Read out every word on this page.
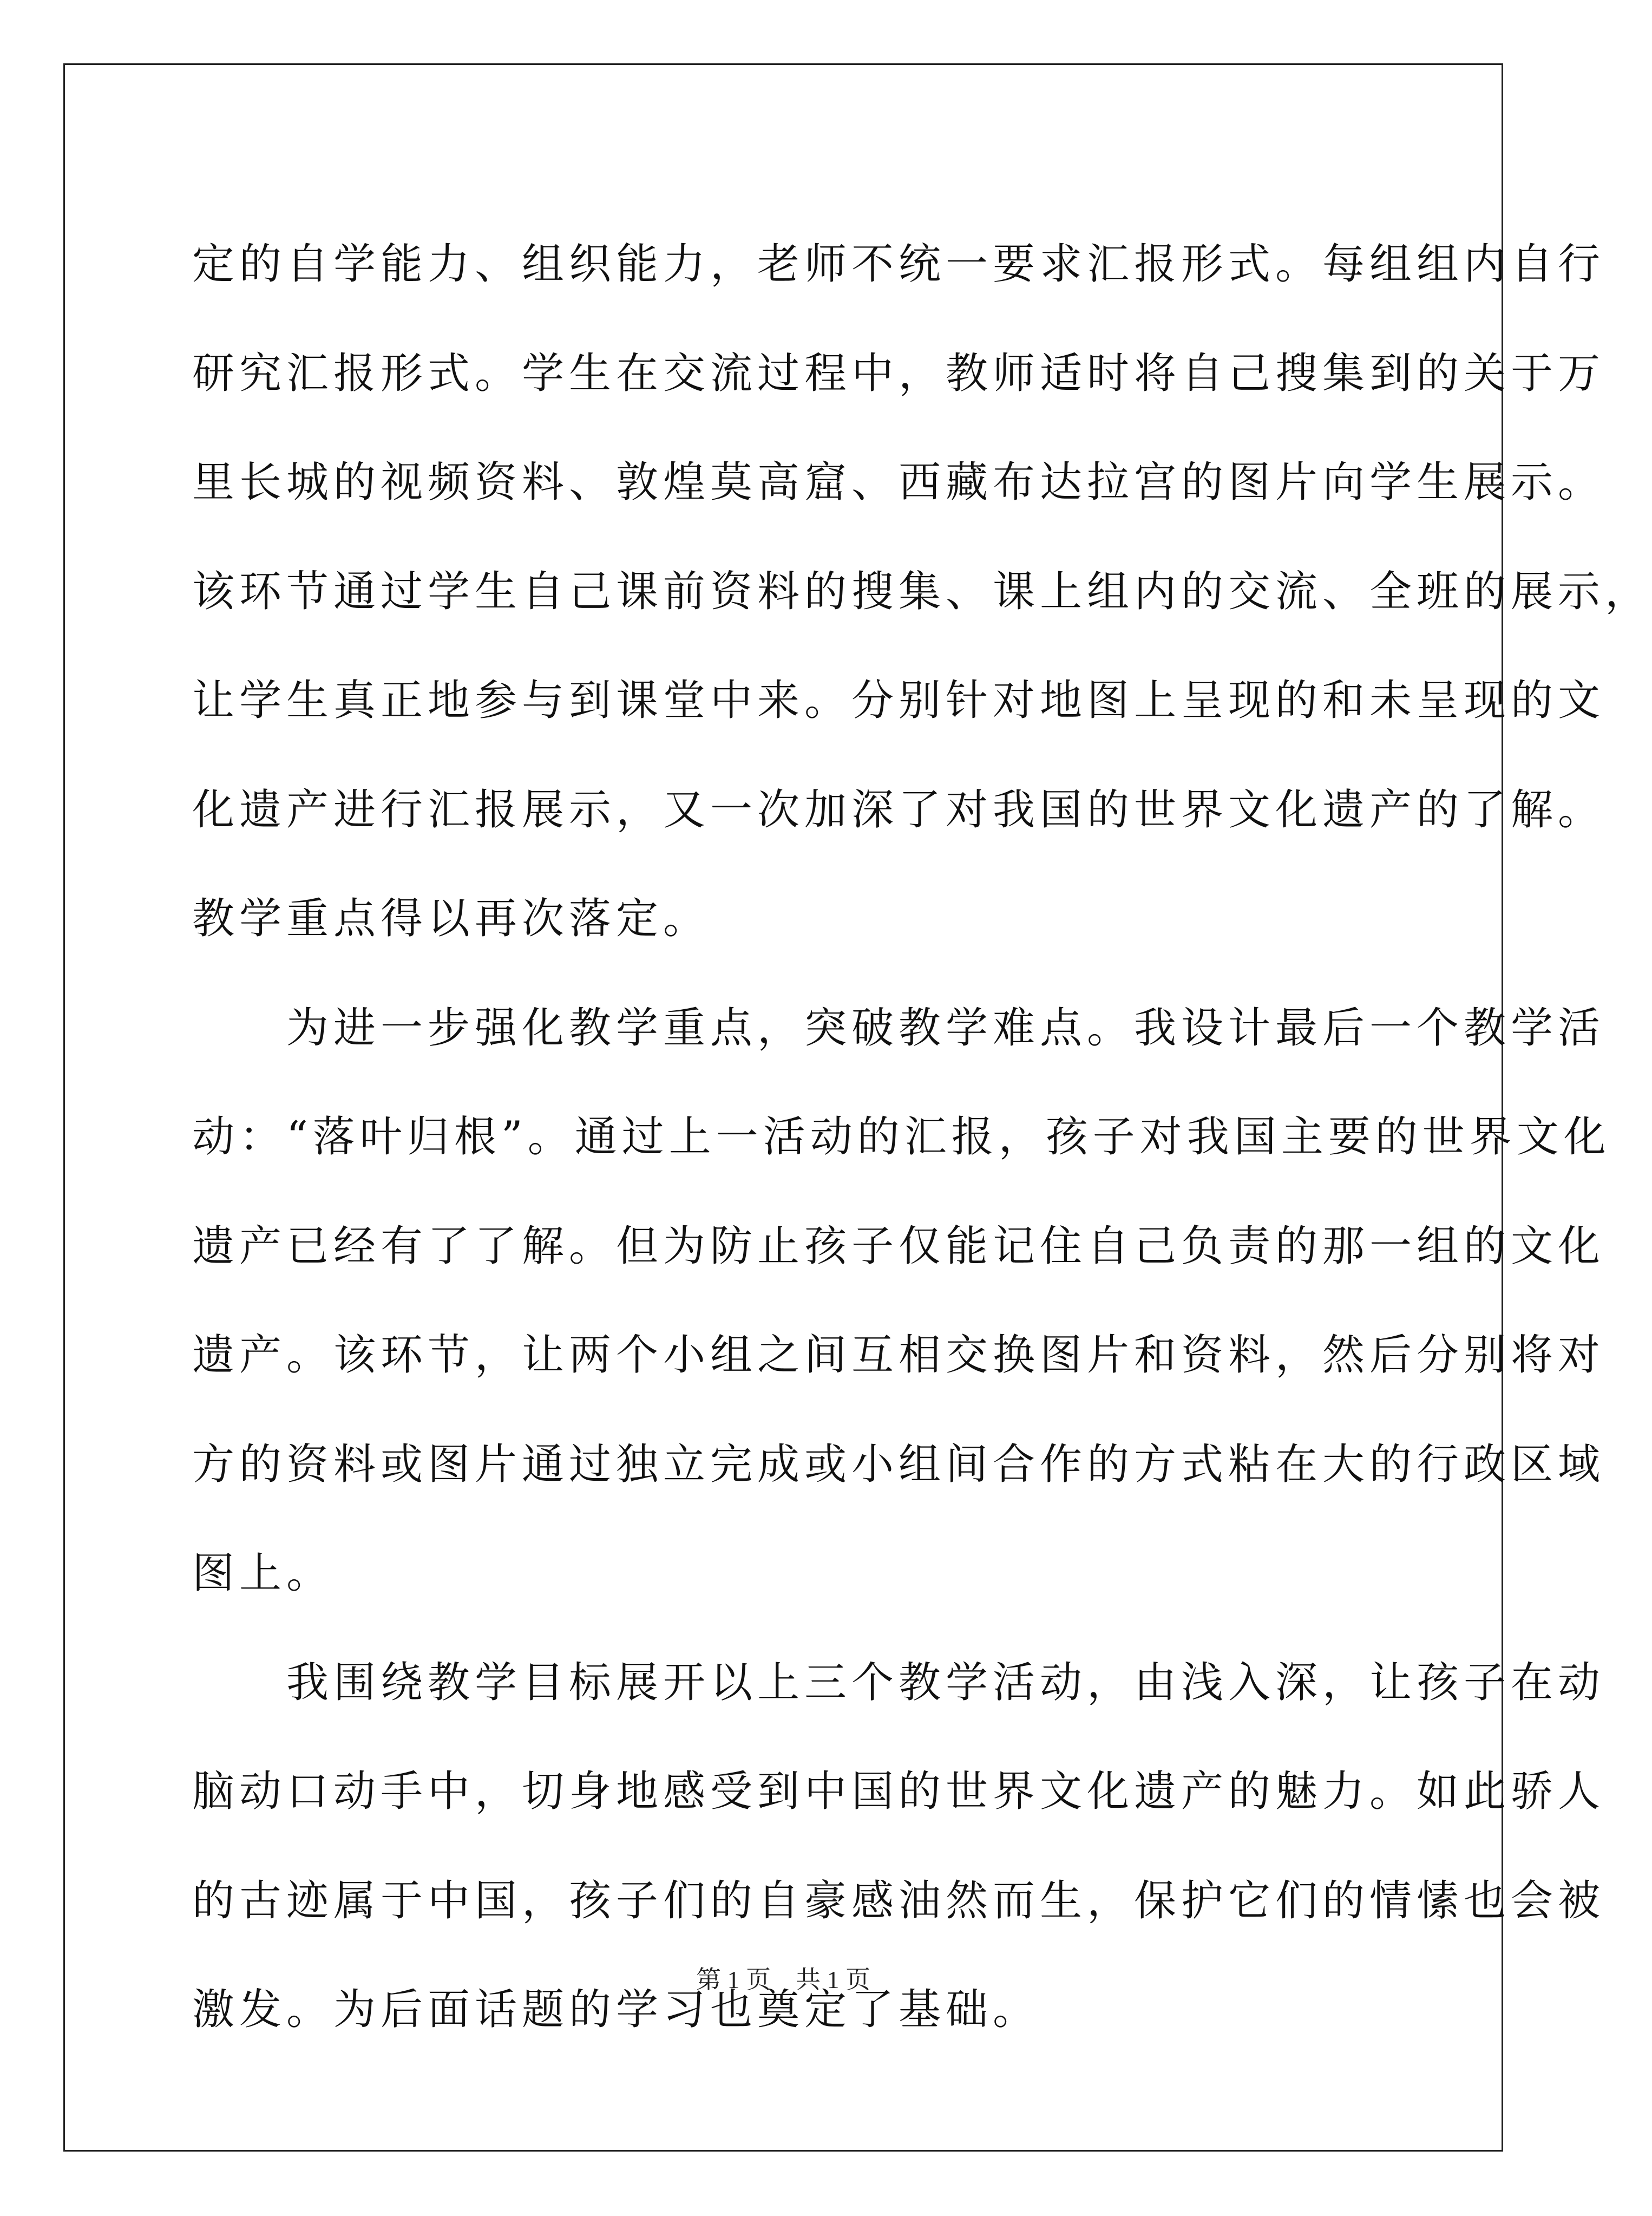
定的自学能力、组织能力，老师不统一要求汇报形式。每组组内自行
研究汇报形式。学生在交流过程中，教师适时将自己搜集到的关于万
里长城的视频资料、敦煌莫高窟、西藏布达拉宫的图片向学生展示。
该环节通过学生自己课前资料的搜集、课上组内的交流、全班的展示，
让学生真正地参与到课堂中来。分别针对地图上呈现的和未呈现的文
化遗产进行汇报展示，又一次加深了对我国的世界文化遗产的了解。
教学重点得以再次落定。
　　为进一步强化教学重点，突破教学难点。我设计最后一个教学活
动：“落叶归根”。通过上一活动的汇报，孩子对我国主要的世界文化
遗产已经有了了解。但为防止孩子仅能记住自己负责的那一组的文化
遗产。该环节，让两个小组之间互相交换图片和资料，然后分别将对
方的资料或图片通过独立完成或小组间合作的方式粘在大的行政区域
图上。
　　我围绕教学目标展开以上三个教学活动，由浅入深，让孩子在动
脑动口动手中，切身地感受到中国的世界文化遗产的魅力。如此骄人
的古迹属于中国，孩子们的自豪感油然而生，保护它们的情愫也会被
激发。为后面话题的学习也奠定了基础。
第 1 页　共 1 页
